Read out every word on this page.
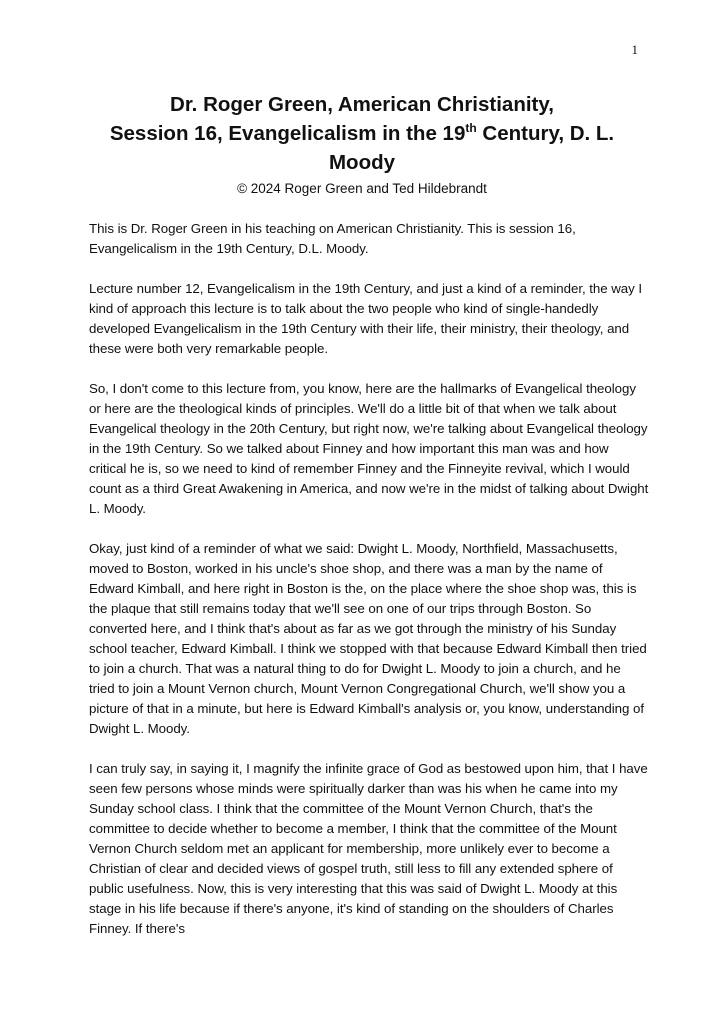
1
Dr. Roger Green, American Christianity,
Session 16, Evangelicalism in the 19th Century, D. L.
Moody
© 2024 Roger Green and Ted Hildebrandt

This is Dr. Roger Green in his teaching on American Christianity. This is session 16, Evangelicalism in the 19th Century, D.L. Moody.

Lecture number 12, Evangelicalism in the 19th Century, and just a kind of a reminder, the way I kind of approach this lecture is to talk about the two people who kind of single-handedly developed Evangelicalism in the 19th Century with their life, their ministry, their theology, and these were both very remarkable people.

So, I don't come to this lecture from, you know, here are the hallmarks of Evangelical theology or here are the theological kinds of principles. We'll do a little bit of that when we talk about Evangelical theology in the 20th Century, but right now, we're talking about Evangelical theology in the 19th Century. So we talked about Finney and how important this man was and how critical he is, so we need to kind of remember Finney and the Finneyite revival, which I would count as a third Great Awakening in America, and now we're in the midst of talking about Dwight L. Moody.

Okay, just kind of a reminder of what we said: Dwight L. Moody, Northfield, Massachusetts, moved to Boston, worked in his uncle's shoe shop, and there was a man by the name of Edward Kimball, and here right in Boston is the, on the place where the shoe shop was, this is the plaque that still remains today that we'll see on one of our trips through Boston. So converted here, and I think that's about as far as we got through the ministry of his Sunday school teacher, Edward Kimball. I think we stopped with that because Edward Kimball then tried to join a church. That was a natural thing to do for Dwight L. Moody to join a church, and he tried to join a Mount Vernon church, Mount Vernon Congregational Church, we'll show you a picture of that in a minute, but here is Edward Kimball's analysis or, you know, understanding of Dwight L. Moody.

I can truly say, in saying it, I magnify the infinite grace of God as bestowed upon him, that I have seen few persons whose minds were spiritually darker than was his when he came into my Sunday school class. I think that the committee of the Mount Vernon Church, that's the committee to decide whether to become a member, I think that the committee of the Mount Vernon Church seldom met an applicant for membership, more unlikely ever to become a Christian of clear and decided views of gospel truth, still less to fill any extended sphere of public usefulness. Now, this is very interesting that this was said of Dwight L. Moody at this stage in his life because if there's anyone, it's kind of standing on the shoulders of Charles Finney. If there's
